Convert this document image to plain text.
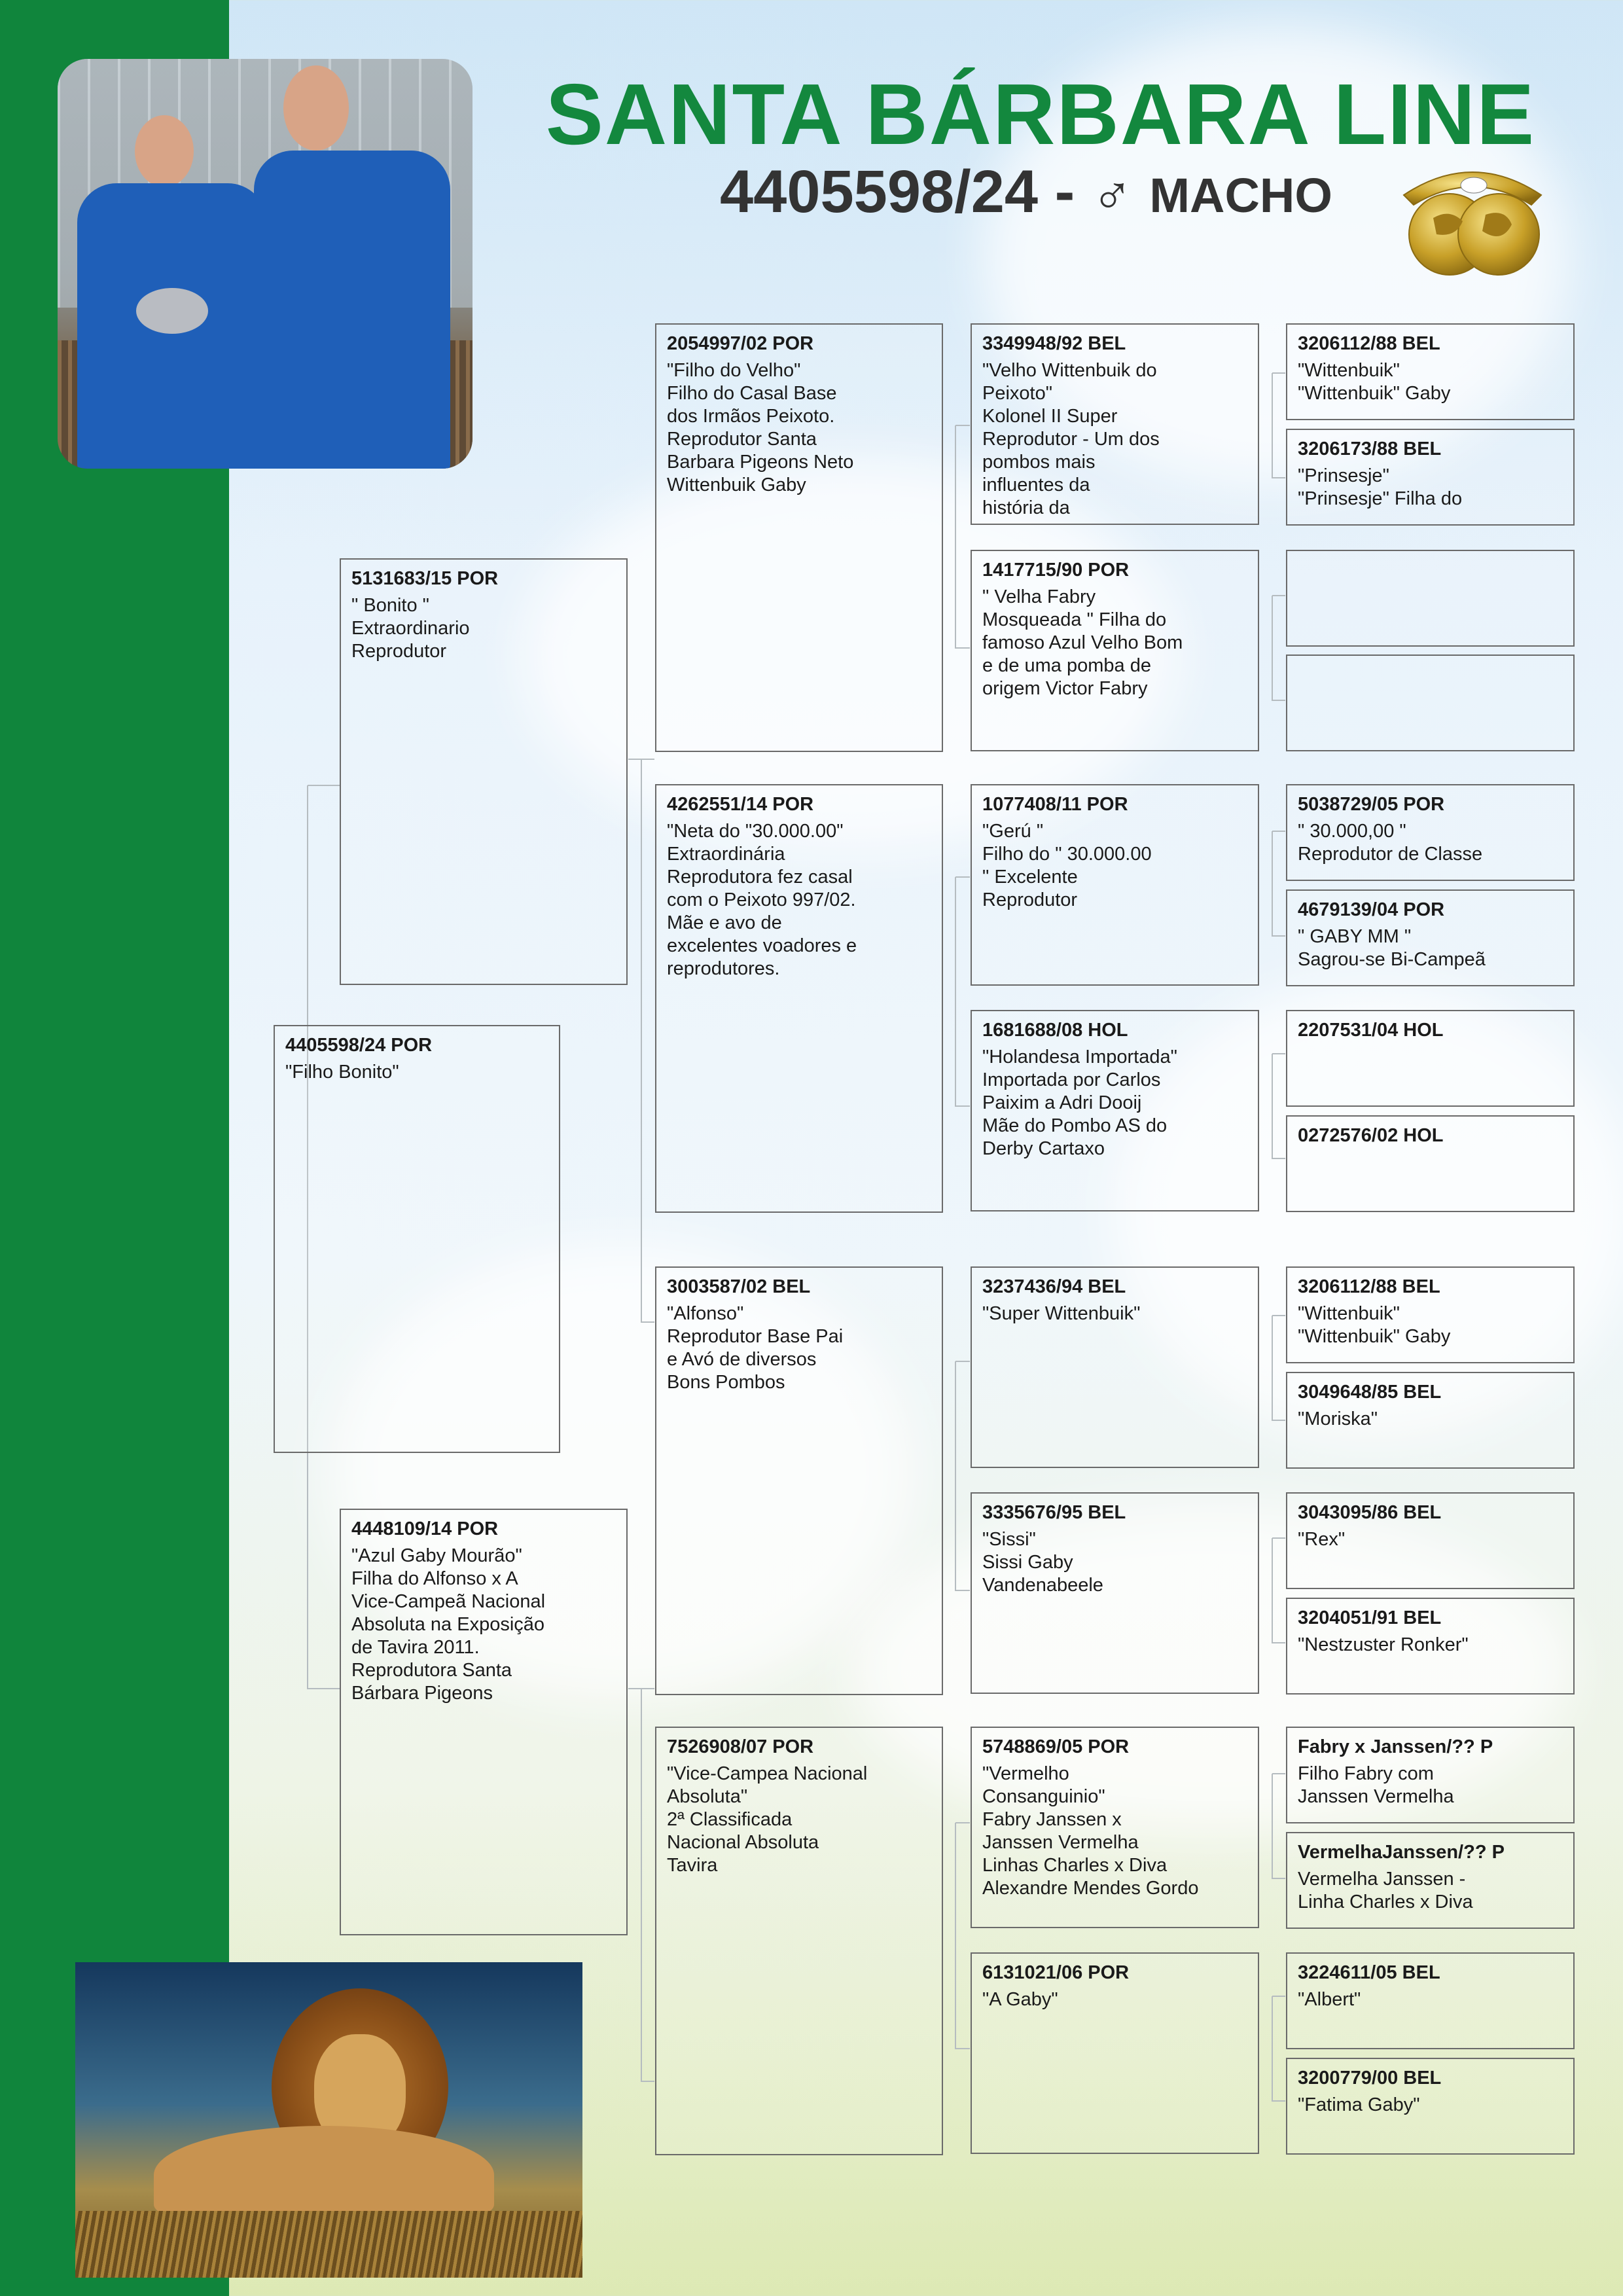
SANTA BÁRBARA LINE
4405598/24 - ♂ MACHO
4405598/24 POR
"Filho Bonito"
5131683/15 POR
" Bonito "
Extraordinario
Reprodutor
4448109/14 POR
"Azul Gaby Mourão"
Filha do Alfonso x A
Vice-Campeã Nacional
Absoluta na Exposição
de Tavira 2011.
Reprodutora Santa
Bárbara Pigeons
2054997/02 POR
"Filho do Velho"
Filho do Casal Base
dos Irmãos Peixoto.
Reprodutor Santa
Barbara Pigeons Neto
Wittenbuik Gaby
4262551/14 POR
"Neta do "30.000.00"
Extraordinária
Reprodutora fez casal
com o Peixoto 997/02.
Mãe e avo de
excelentes voadores e
reprodutores.
3003587/02 BEL
"Alfonso"
Reprodutor Base Pai
e Avó de diversos
Bons Pombos
7526908/07 POR
"Vice-Campea Nacional
Absoluta"
2ª Classificada
Nacional Absoluta
Tavira
3349948/92 BEL
"Velho Wittenbuik do
Peixoto"
Kolonel II Super
Reprodutor - Um dos
pombos mais
influentes da
história da
1417715/90 POR
" Velha Fabry
Mosqueada " Filha do
famoso Azul Velho Bom
e de uma pomba de
origem Victor Fabry
1077408/11 POR
"Gerú "
Filho do " 30.000.00
" Excelente
Reprodutor
1681688/08 HOL
"Holandesa Importada"
Importada por Carlos
Paixim a Adri Dooij
Mãe do Pombo AS do
Derby Cartaxo
3237436/94 BEL
"Super Wittenbuik"
3335676/95 BEL
"Sissi"
Sissi Gaby
Vandenabeele
5748869/05 POR
"Vermelho
Consanguinio"
Fabry Janssen x
Janssen Vermelha
Linhas Charles x Diva
Alexandre Mendes Gordo
6131021/06 POR
"A Gaby"
3206112/88 BEL
"Wittenbuik"
"Wittenbuik" Gaby
3206173/88 BEL
"Prinsesje"
"Prinsesje" Filha do
5038729/05 POR
" 30.000,00 "
Reprodutor de Classe
4679139/04 POR
" GABY MM "
Sagrou-se Bi-Campeã
2207531/04 HOL
0272576/02 HOL
3206112/88 BEL
"Wittenbuik"
"Wittenbuik" Gaby
3049648/85 BEL
"Moriska"
3043095/86 BEL
"Rex"
3204051/91 BEL
"Nestzuster Ronker"
Fabry x Janssen/?? P
Filho Fabry com
Janssen Vermelha
VermelhaJanssen/?? P
Vermelha Janssen -
Linha Charles x Diva
3224611/05 BEL
"Albert"
3200779/00 BEL
"Fatima Gaby"
